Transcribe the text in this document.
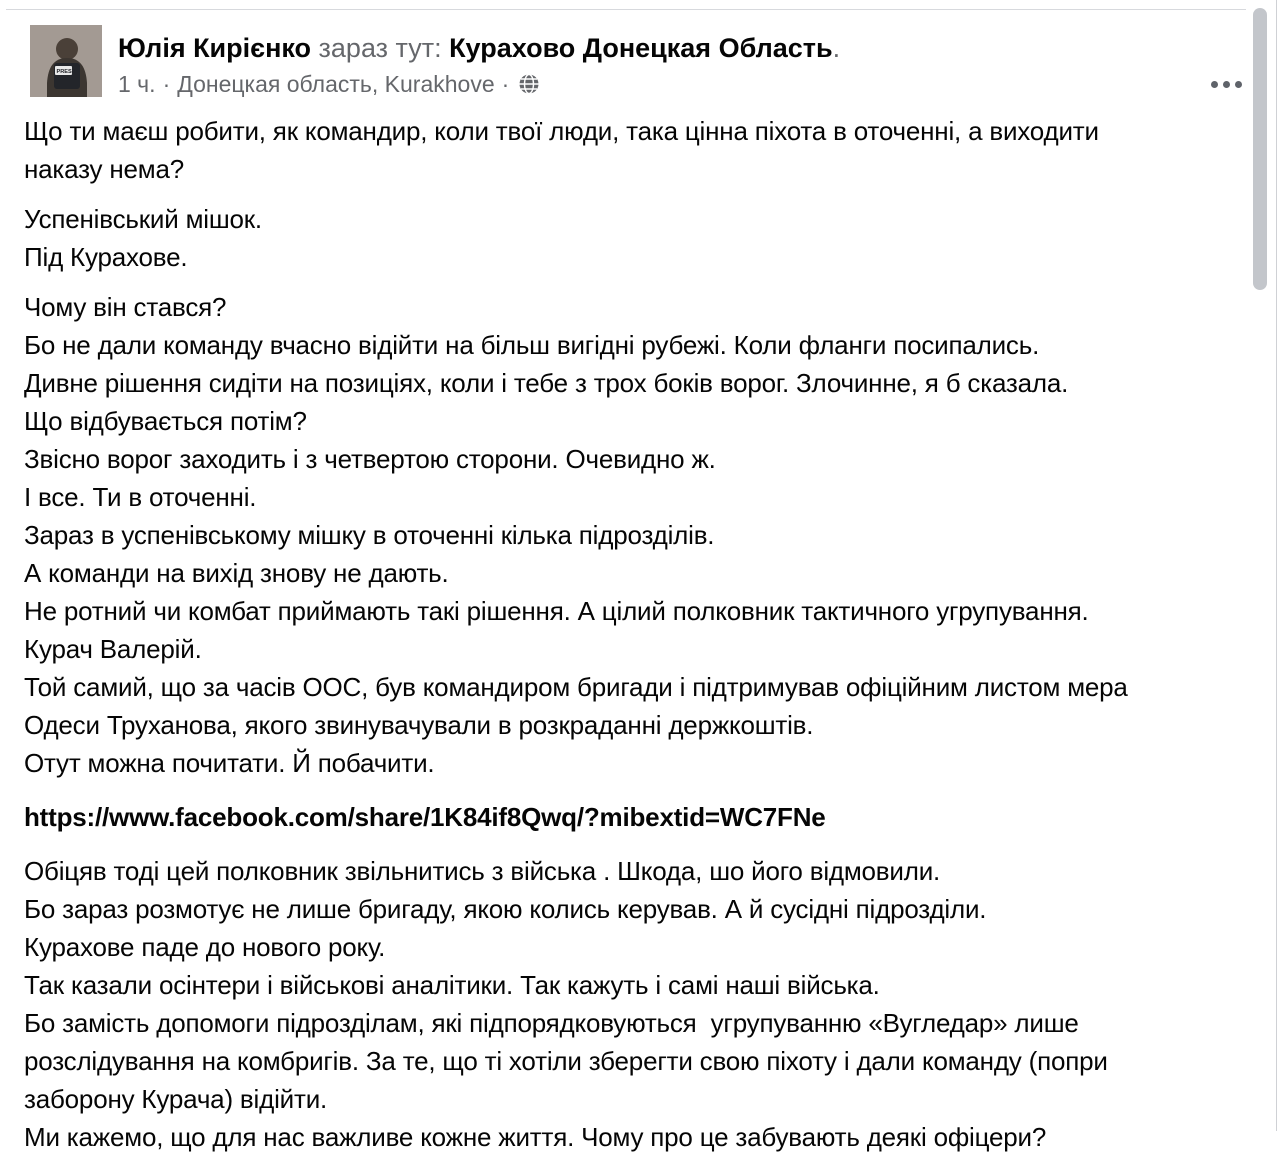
PRESS
Юлія Кирієнко зараз тут: Курахово Донецкая Область.
1 ч. · Донецкая область, Kurakhove ·
Що ти маєш робити, як командир, коли твої люди, така цінна піхота в оточенні, а виходити
наказу нема?
Успенівський мішок.
Під Курахове.
Чому він стався?
Бо не дали команду вчасно відійти на більш вигідні рубежі. Коли фланги посипались.
Дивне рішення сидіти на позиціях, коли і тебе з трох боків ворог. Злочинне, я б сказала.
Що відбувається потім?
Звісно ворог заходить і з четвертою сторони. Очевидно ж.
І все. Ти в оточенні.
Зараз в успенівському мішку в оточенні кілька підрозділів.
А команди на вихід знову не дають.
Не ротний чи комбат приймають такі рішення. А цілий полковник тактичного угрупування.
Курач Валерій.
Той самий, що за часів ООС, був командиром бригади і підтримував офіційним листом мера
Одеси Труханова, якого звинувачували в розкраданні держкоштів.
Отут можна почитати. Й побачити.
https://www.facebook.com/share/1K84if8Qwq/?mibextid=WC7FNe
Обіцяв тоді цей полковник звільнитись з війська . Шкода, шо його відмовили.
Бо зараз розмотує не лише бригаду, якою колись керував. А й сусідні підрозділи.
Курахове паде до нового року.
Так казали осінтери і військові аналітики. Так кажуть і самі наші війська.
Бо замість допомоги підрозділам, які підпорядковуються  угрупуванню «Вугледар» лише
розслідування на комбригів. За те, що ті хотіли зберегти свою піхоту і дали команду (попри
заборону Курача) відійти.
Ми кажемо, що для нас важливе кожне життя. Чому про це забувають деякі офіцери?
